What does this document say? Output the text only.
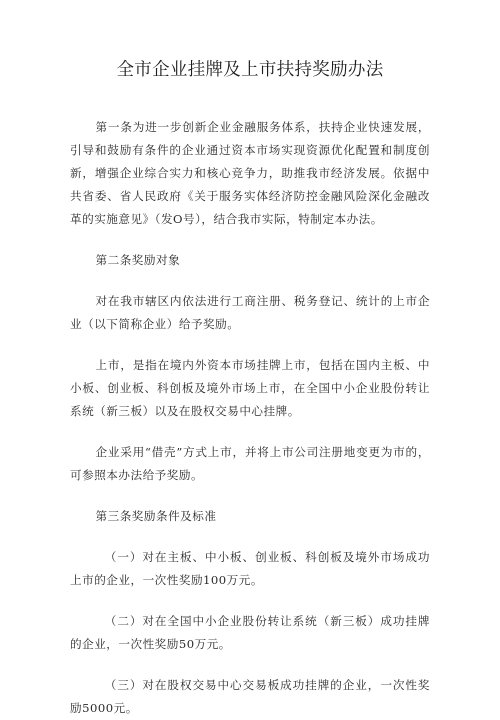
全市企业挂牌及上市扶持奖励办法

第一条为进一步创新企业金融服务体系，扶持企业快速发展，引导和鼓励有条件的企业通过资本市场实现资源优化配置和制度创新，增强企业综合实力和核心竞争力，助推我市经济发展。依据中共省委、省人民政府《关于服务实体经济防控金融风险深化金融改革的实施意见》（发O号），结合我市实际，特制定本办法。

第二条奖励对象

对在我市辖区内依法进行工商注册、税务登记、统计的上市企业（以下简称企业）给予奖励。

上市，是指在境内外资本市场挂牌上市，包括在国内主板、中小板、创业板、科创板及境外市场上市，在全国中小企业股份转让系统（新三板）以及在股权交易中心挂牌。

企业采用“借壳”方式上市，并将上市公司注册地变更为市的，可参照本办法给予奖励。

第三条奖励条件及标准

（一）对在主板、中小板、创业板、科创板及境外市场成功上市的企业，一次性奖励100万元。

（二）对在全国中小企业股份转让系统（新三板）成功挂牌的企业，一次性奖励50万元。

（三）对在股权交易中心交易板成功挂牌的企业，一次性奖励5000元。
